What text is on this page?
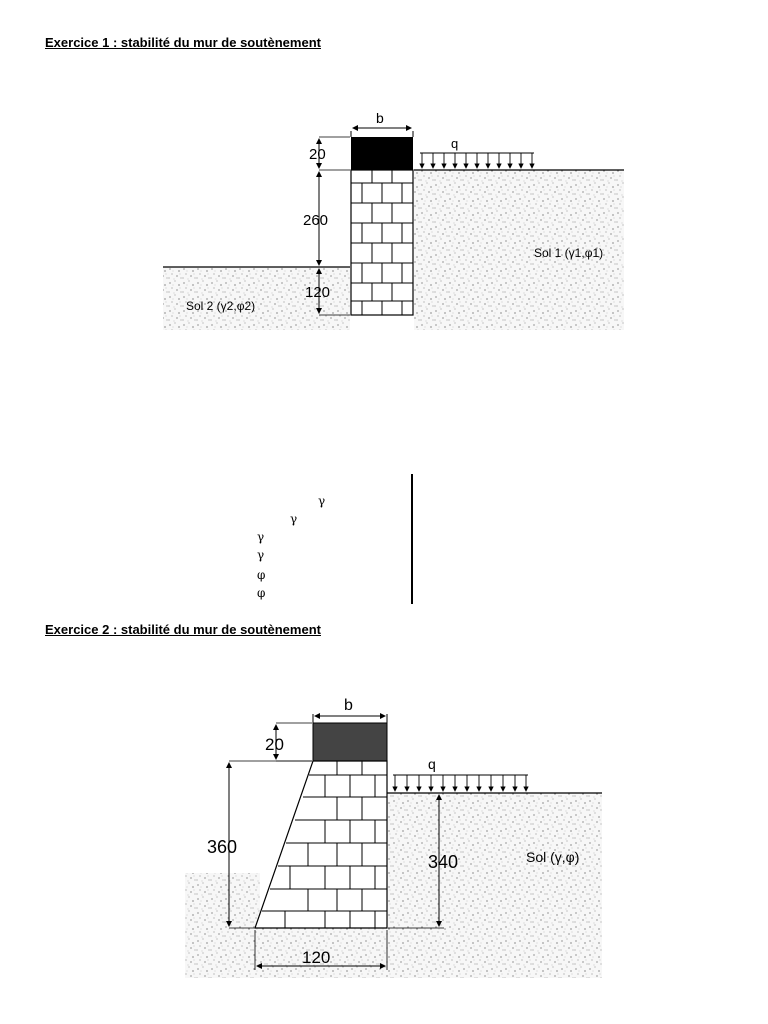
Exercice 1 : stabilité du mur de soutènement
Exercice 2 : stabilité du mur de soutènement
b
20
260
120
q
Sol 1 (γ1,φ1)
Sol 2 (γ2,φ2)
b
20
360
340
120
q
Sol (γ,φ)
γ
γ
γ
γ
φ
φ
